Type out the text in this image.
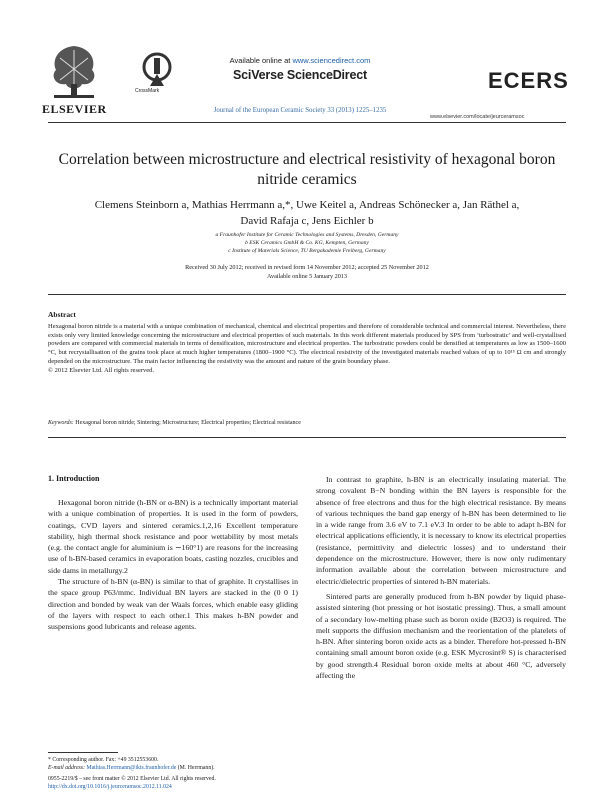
ELSEVIER
CrossMark
Available online at www.sciencedirect.com
SciVerse ScienceDirect
Journal of the European Ceramic Society 33 (2013) 1225–1235
ECERS
www.elsevier.com/locate/jeurceramsoc
Correlation between microstructure and electrical resistivity of hexagonal boron nitride ceramics
Clemens Steinborn a, Mathias Herrmann a,*, Uwe Keitel a, Andreas Schönecker a, Jan Räthel a,
David Rafaja c, Jens Eichler b
a Fraunhofer Institute for Ceramic Technologies and Systems, Dresden, Germany
b ESK Ceramics GmbH & Co. KG, Kempten, Germany
c Institute of Materials Science, TU Bergakademie Freiberg, Germany
Received 30 July 2012; received in revised form 14 November 2012; accepted 25 November 2012
Available online 5 January 2013
Abstract
Hexagonal boron nitride is a material with a unique combination of mechanical, chemical and electrical properties and therefore of considerable technical and commercial interest. Nevertheless, there exists only very limited knowledge concerning the microstructure and electrical properties of such materials. In this work different materials produced by SPS from ‘turbostratic’ and well-crystallised powders are compared with commercial materials in terms of densification, microstructure and electrical properties. The turbostratic powders could be densified at temperatures as low as 1500–1600 °C, but recrystallisation of the grains took place at much higher temperatures (1800–1900 °C). The electrical resistivity of the investigated materials reached values of up to 10¹⁵ Ω cm and strongly depended on the microstructure. The main factor influencing the resistivity was the amount and nature of the grain boundary phase.
© 2012 Elsevier Ltd. All rights reserved.
Keywords: Hexagonal boron nitride; Sintering; Microstructure; Electrical properties; Electrical resistance
1. Introduction

Hexagonal boron nitride (h-BN or α-BN) is a technically important material with a unique combination of properties. It is used in the form of powders, coatings, CVD layers and sintered ceramics.1,2,16 Excellent temperature stability, high thermal shock resistance and poor wettability by most metals (e.g. the contact angle for aluminium is ∼160°1) are reasons for the increasing use of h-BN-based ceramics in evaporation boats, casting nozzles, crucibles and side dams in metallurgy.2

The structure of h-BN (α-BN) is similar to that of graphite. It crystallises in the space group P63/mmc. Individual BN layers are stacked in the (0 0 1) direction and bonded by weak van der Waals forces, which enable easy gliding of the layers with respect to each other.1 This makes h-BN powder and suspensions good lubricants and release agents.

In contrast to graphite, h-BN is an electrically insulating material. The strong covalent B−N bonding within the BN layers is responsible for the absence of free electrons and thus for the high electrical resistance. By means of various techniques the band gap energy of h-BN has been determined to lie in a wide range from 3.6 eV to 7.1 eV.3 In order to be able to adapt h-BN for electrical applications efficiently, it is necessary to know its electrical properties (resistance, permittivity and dielectric losses) and to understand their dependence on the microstructure. However, there is now only rudimentary information available about the correlation between microstructure and electric/dielectric properties of sintered h-BN materials.

Sintered parts are generally produced from h-BN powder by liquid phase-assisted sintering (hot pressing or hot isostatic pressing). Thus, a small amount of a secondary low-melting phase such as boron oxide (B2O3) is required. The melt supports the diffusion mechanism and the reorientation of the platelets of h-BN. After sintering boron oxide acts as a binder. Therefore hot-pressed h-BN containing small amount boron oxide (e.g. ESK Mycrosint® S) is characterised by good strength.4 Residual boron oxide melts at about 460 °C, adversely affecting the

* Corresponding author. Fax: +49 3512553600.
E-mail address: Mathias.Herrmann@ikts.fraunhofer.de (M. Herrmann).
0955-2219/$ – see front matter © 2012 Elsevier Ltd. All rights reserved.
http://dx.doi.org/10.1016/j.jeurceramsoc.2012.11.024
